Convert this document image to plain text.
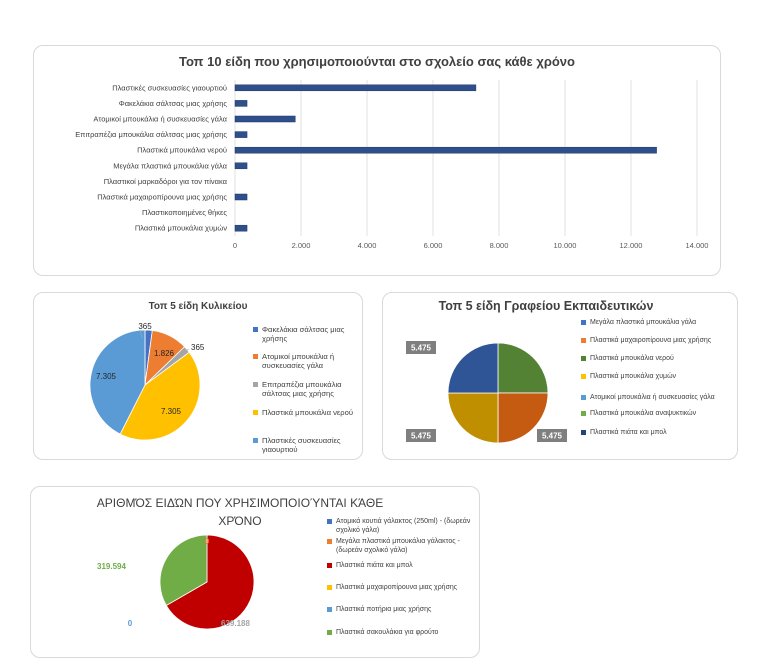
Τοπ 10 είδη που χρησιμοποιούνται στο σχολείο σας κάθε χρόνο
0	2.000	4.000	6.000	8.000	10.000	12.000	14.000
Πλαστικές συσκευασίες γιαουρτιού
Φακελάκια σάλτσας μιας χρήσης
Ατομικοί μπουκάλια ή συσκευασίες γάλα
Επιτραπέζια μπουκάλια σάλτσας μιας χρήσης
Πλαστικά μπουκάλια νερού
Μεγάλα πλαστικά μπουκάλια γάλα
Πλαστικοί μαρκαδόροι για τον πίνακα
Πλαστικά μαχαιροπίρουνα μιας χρήσης
Πλαστικοποιημένες θήκες
Πλαστικά μπουκάλια χυμών
Τοπ 5 είδη Κυλικείου
365
1.826
365
7.305
7.305
Φακελάκια σάλτσας μιας χρήσης
Ατομικοί μπουκάλια ή συσκευασίες γάλα
Επιτραπέζια μπουκάλια σάλτσας μιας χρήσης
Πλαστικά μπουκάλια νερού
Πλαστικές συσκευασίες γιαουρτιού
Τοπ 5 είδη Γραφείου Εκπαιδευτικών
5.475
5.475	5.475
Μεγάλα πλαστικά μπουκάλια γάλα
Πλαστικά μαχαιροπίρουνα μιας χρήσης
Πλαστικά μπουκάλια νερού
Πλαστικά μπουκάλια χυμών
Ατομικοί μπουκάλια ή συσκευασίες γάλα
Πλαστικά μπουκάλια αναψυκτικών
Πλαστικά πιάτα και μπολ
ΑΡΙΘΜΌΣ ΕΙΔΏΝ ΠΟΥ ΧΡΗΣΙΜΟΠΟΙΟΎΝΤΑΙ ΚΆΘΕ
ΧΡΌΝΟ
0
639.188
0
319.594
Ατομικά κουτιά γάλακτος (250ml) - (δωρεάν σχολικό γάλα)
Μεγάλα πλαστικά μπουκάλια γάλακτος - (δωρεάν σχολικό γάλα)
Πλαστικά πιάτα και μπολ
Πλαστικά μαχαιροπίρουνα μιας χρήσης
Πλαστικά ποτήρια μιας χρήσης
Πλαστικά σακουλάκια για φρούτο
